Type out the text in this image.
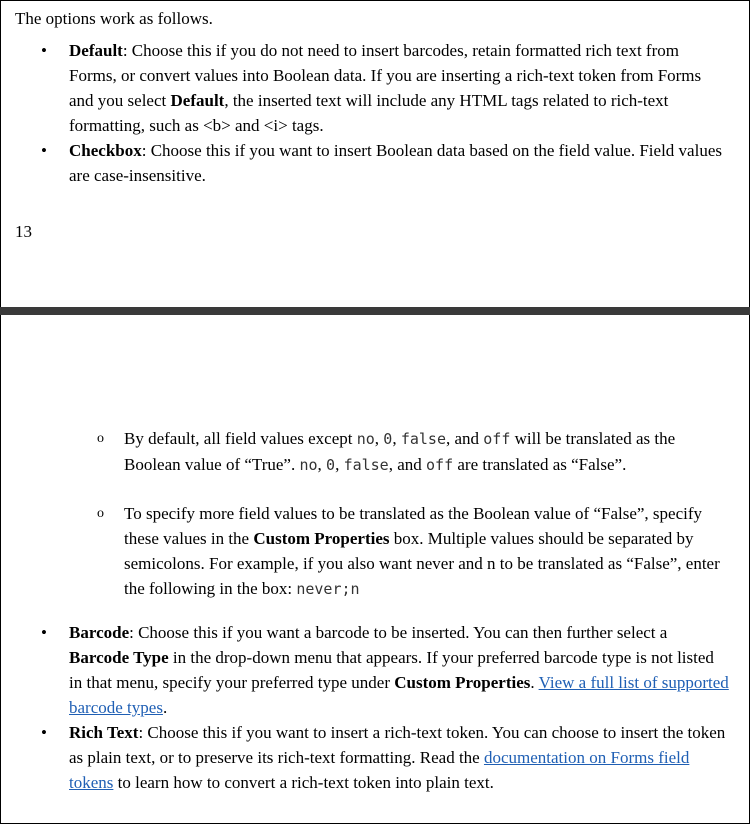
The options work as follows.

•	Default: Choose this if you do not need to insert barcodes, retain formatted rich text from Forms, or convert values into Boolean data. If you are inserting a rich-text token from Forms and you select Default, the inserted text will include any HTML tags related to rich-text formatting, such as <b> and <i> tags.

•	Checkbox: Choose this if you want to insert Boolean data based on the field value. Field values are case-insensitive.

13

o	By default, all field values except no, 0, false, and off will be translated as the Boolean value of “True”. no, 0, false, and off are translated as “False”.

o	To specify more field values to be translated as the Boolean value of “False”, specify these values in the Custom Properties box. Multiple values should be separated by semicolons. For example, if you also want never and n to be translated as “False”, enter the following in the box: never;n

•	Barcode: Choose this if you want a barcode to be inserted. You can then further select a Barcode Type in the drop-down menu that appears. If your preferred barcode type is not listed in that menu, specify your preferred type under Custom Properties. View a full list of supported barcode types.

•	Rich Text: Choose this if you want to insert a rich-text token. You can choose to insert the token as plain text, or to preserve its rich-text formatting. Read the documentation on Forms field tokens to learn how to convert a rich-text token into plain text.
